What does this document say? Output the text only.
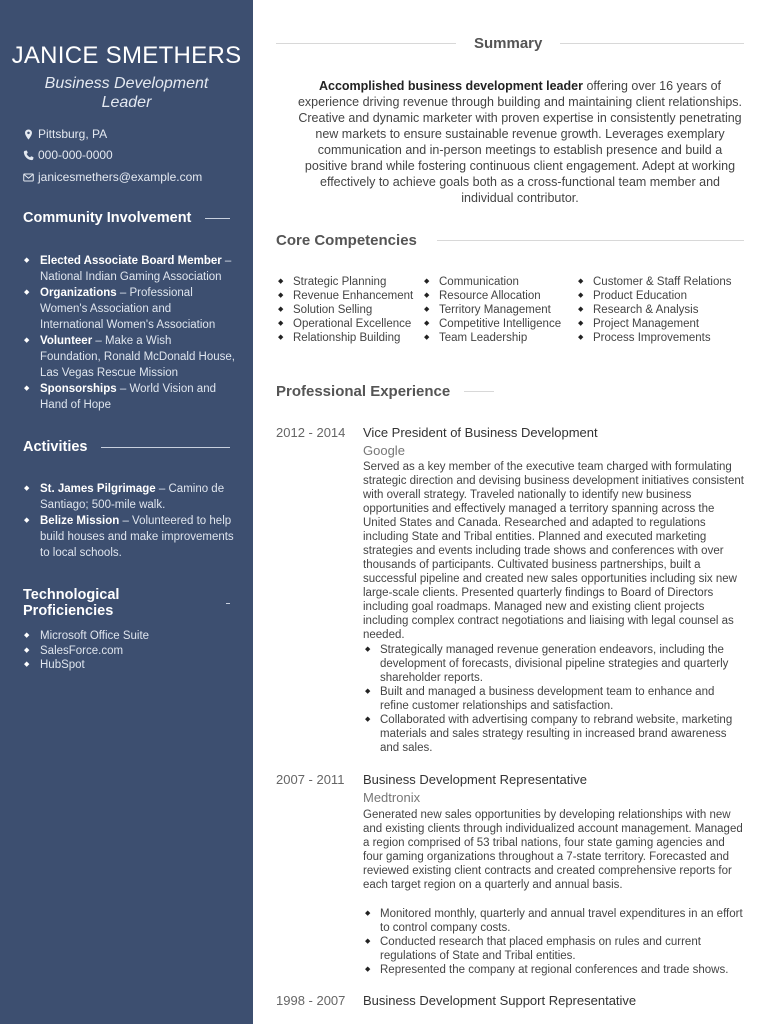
JANICE SMETHERS
Business Development Leader
Pittsburg, PA
000-000-0000
janicesmethers@example.com
Community Involvement
◆ Elected Associate Board Member – National Indian Gaming Association
◆ Organizations – Professional Women's Association and International Women's Association
◆ Volunteer – Make a Wish Foundation, Ronald McDonald House, Las Vegas Rescue Mission
◆ Sponsorships – World Vision and Hand of Hope
Activities
◆ St. James Pilgrimage – Camino de Santiago; 500-mile walk.
◆ Belize Mission – Volunteered to help build houses and make improvements to local schools.
Technological Proficiencies
◆ Microsoft Office Suite
◆ SalesForce.com
◆ HubSpot
Summary

Accomplished business development leader offering over 16 years of experience driving revenue through building and maintaining client relationships. Creative and dynamic marketer with proven expertise in consistently penetrating new markets to ensure sustainable revenue growth. Leverages exemplary communication and in-person meetings to establish presence and build a positive brand while fostering continuous client engagement. Adept at working effectively to achieve goals both as a cross-functional team member and individual contributor.

Core Competencies
◆ Strategic Planning
◆ Revenue Enhancement
◆ Solution Selling
◆ Operational Excellence
◆ Relationship Building
◆ Communication
◆ Resource Allocation
◆ Territory Management
◆ Competitive Intelligence
◆ Team Leadership
◆ Customer & Staff Relations
◆ Product Education
◆ Research & Analysis
◆ Project Management
◆ Process Improvements
Professional Experience
2012 - 2014 Vice President of Business Development
Google

Served as a key member of the executive team charged with formulating strategic direction and devising business development initiatives consistent with overall strategy. Traveled nationally to identify new business opportunities and effectively managed a territory spanning across the United States and Canada. Researched and adapted to regulations including State and Tribal entities. Planned and executed marketing strategies and events including trade shows and conferences with over thousands of participants. Cultivated business partnerships, built a successful pipeline and created new sales opportunities including six new large-scale clients. Presented quarterly findings to Board of Directors including goal roadmaps. Managed new and existing client projects including complex contract negotiations and liaising with legal counsel as needed.

◆ Strategically managed revenue generation endeavors, including the development of forecasts, divisional pipeline strategies and quarterly shareholder reports.
◆ Built and managed a business development team to enhance and refine customer relationships and satisfaction.
◆ Collaborated with advertising company to rebrand website, marketing materials and sales strategy resulting in increased brand awareness and sales.
2007 - 2011 Business Development Representative
Medtronix

Generated new sales opportunities by developing relationships with new and existing clients through individualized account management. Managed a region comprised of 53 tribal nations, four state gaming agencies and four gaming organizations throughout a 7-state territory. Forecasted and reviewed existing client contracts and created comprehensive reports for each target region on a quarterly and annual basis.

◆ Monitored monthly, quarterly and annual travel expenditures in an effort to control company costs.
◆ Conducted research that placed emphasis on rules and current regulations of State and Tribal entities.
◆ Represented the company at regional conferences and trade shows.
1998 - 2007 Business Development Support Representative
